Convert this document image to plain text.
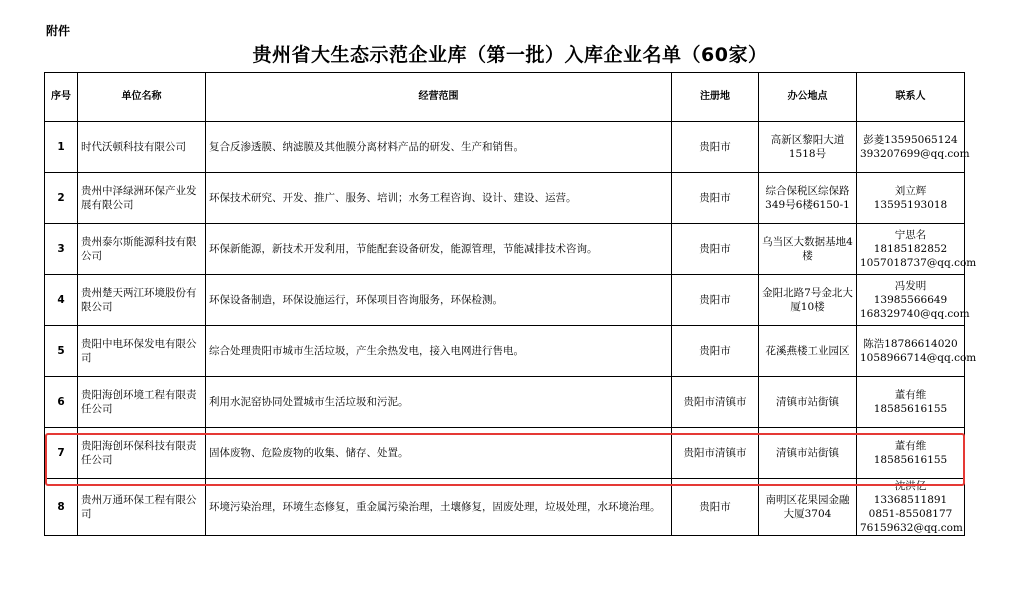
附件
贵州省大生态示范企业库（第一批）入库企业名单（60家）
序号	单位名称	经营范围	注册地	办公地点	联系人
1	时代沃顿科技有限公司	复合反渗透膜、纳滤膜及其他膜分离材料产品的研发、生产和销售。	贵阳市	高新区黎阳大道1518号	彭菱13595065124 393207699@qq.com
2	贵州中泽绿洲环保产业发展有限公司	环保技术研究、开发、推广、服务、培训；水务工程咨询、设计、建设、运营。	贵阳市	综合保税区综保路349号6楼6150-1	刘立辉13595193018
3	贵州泰尔斯能源科技有限公司	环保新能源，新技术开发利用，节能配套设备研发，能源管理，节能减排技术咨询。	贵阳市	乌当区大数据基地4楼	宁思名18185182852 1057018737@qq.com
4	贵州楚天两江环境股份有限公司	环保设备制造，环保设施运行，环保项目咨询服务，环保检测。	贵阳市	金阳北路7号金北大厦10楼	冯发明13985566649 168329740@qq.com
5	贵阳中电环保发电有限公司	综合处理贵阳市城市生活垃圾，产生余热发电，接入电网进行售电。	贵阳市	花溪燕楼工业园区	陈浩18786614020 1058966714@qq.com
6	贵阳海创环境工程有限责任公司	利用水泥窑协同处置城市生活垃圾和污泥。	贵阳市清镇市	清镇市站街镇	董有维18585616155
7	贵阳海创环保科技有限责任公司	固体废物、危险废物的收集、储存、处置。	贵阳市清镇市	清镇市站街镇	董有维18585616155
8	贵州万通环保工程有限公司	环境污染治理，环境生态修复，重金属污染治理，土壤修复，固废处理，垃圾处理，水环境治理。	贵阳市	南明区花果园金融大厦3704	沈洪亿13368511891 0851-85508177 76159632@qq.com
